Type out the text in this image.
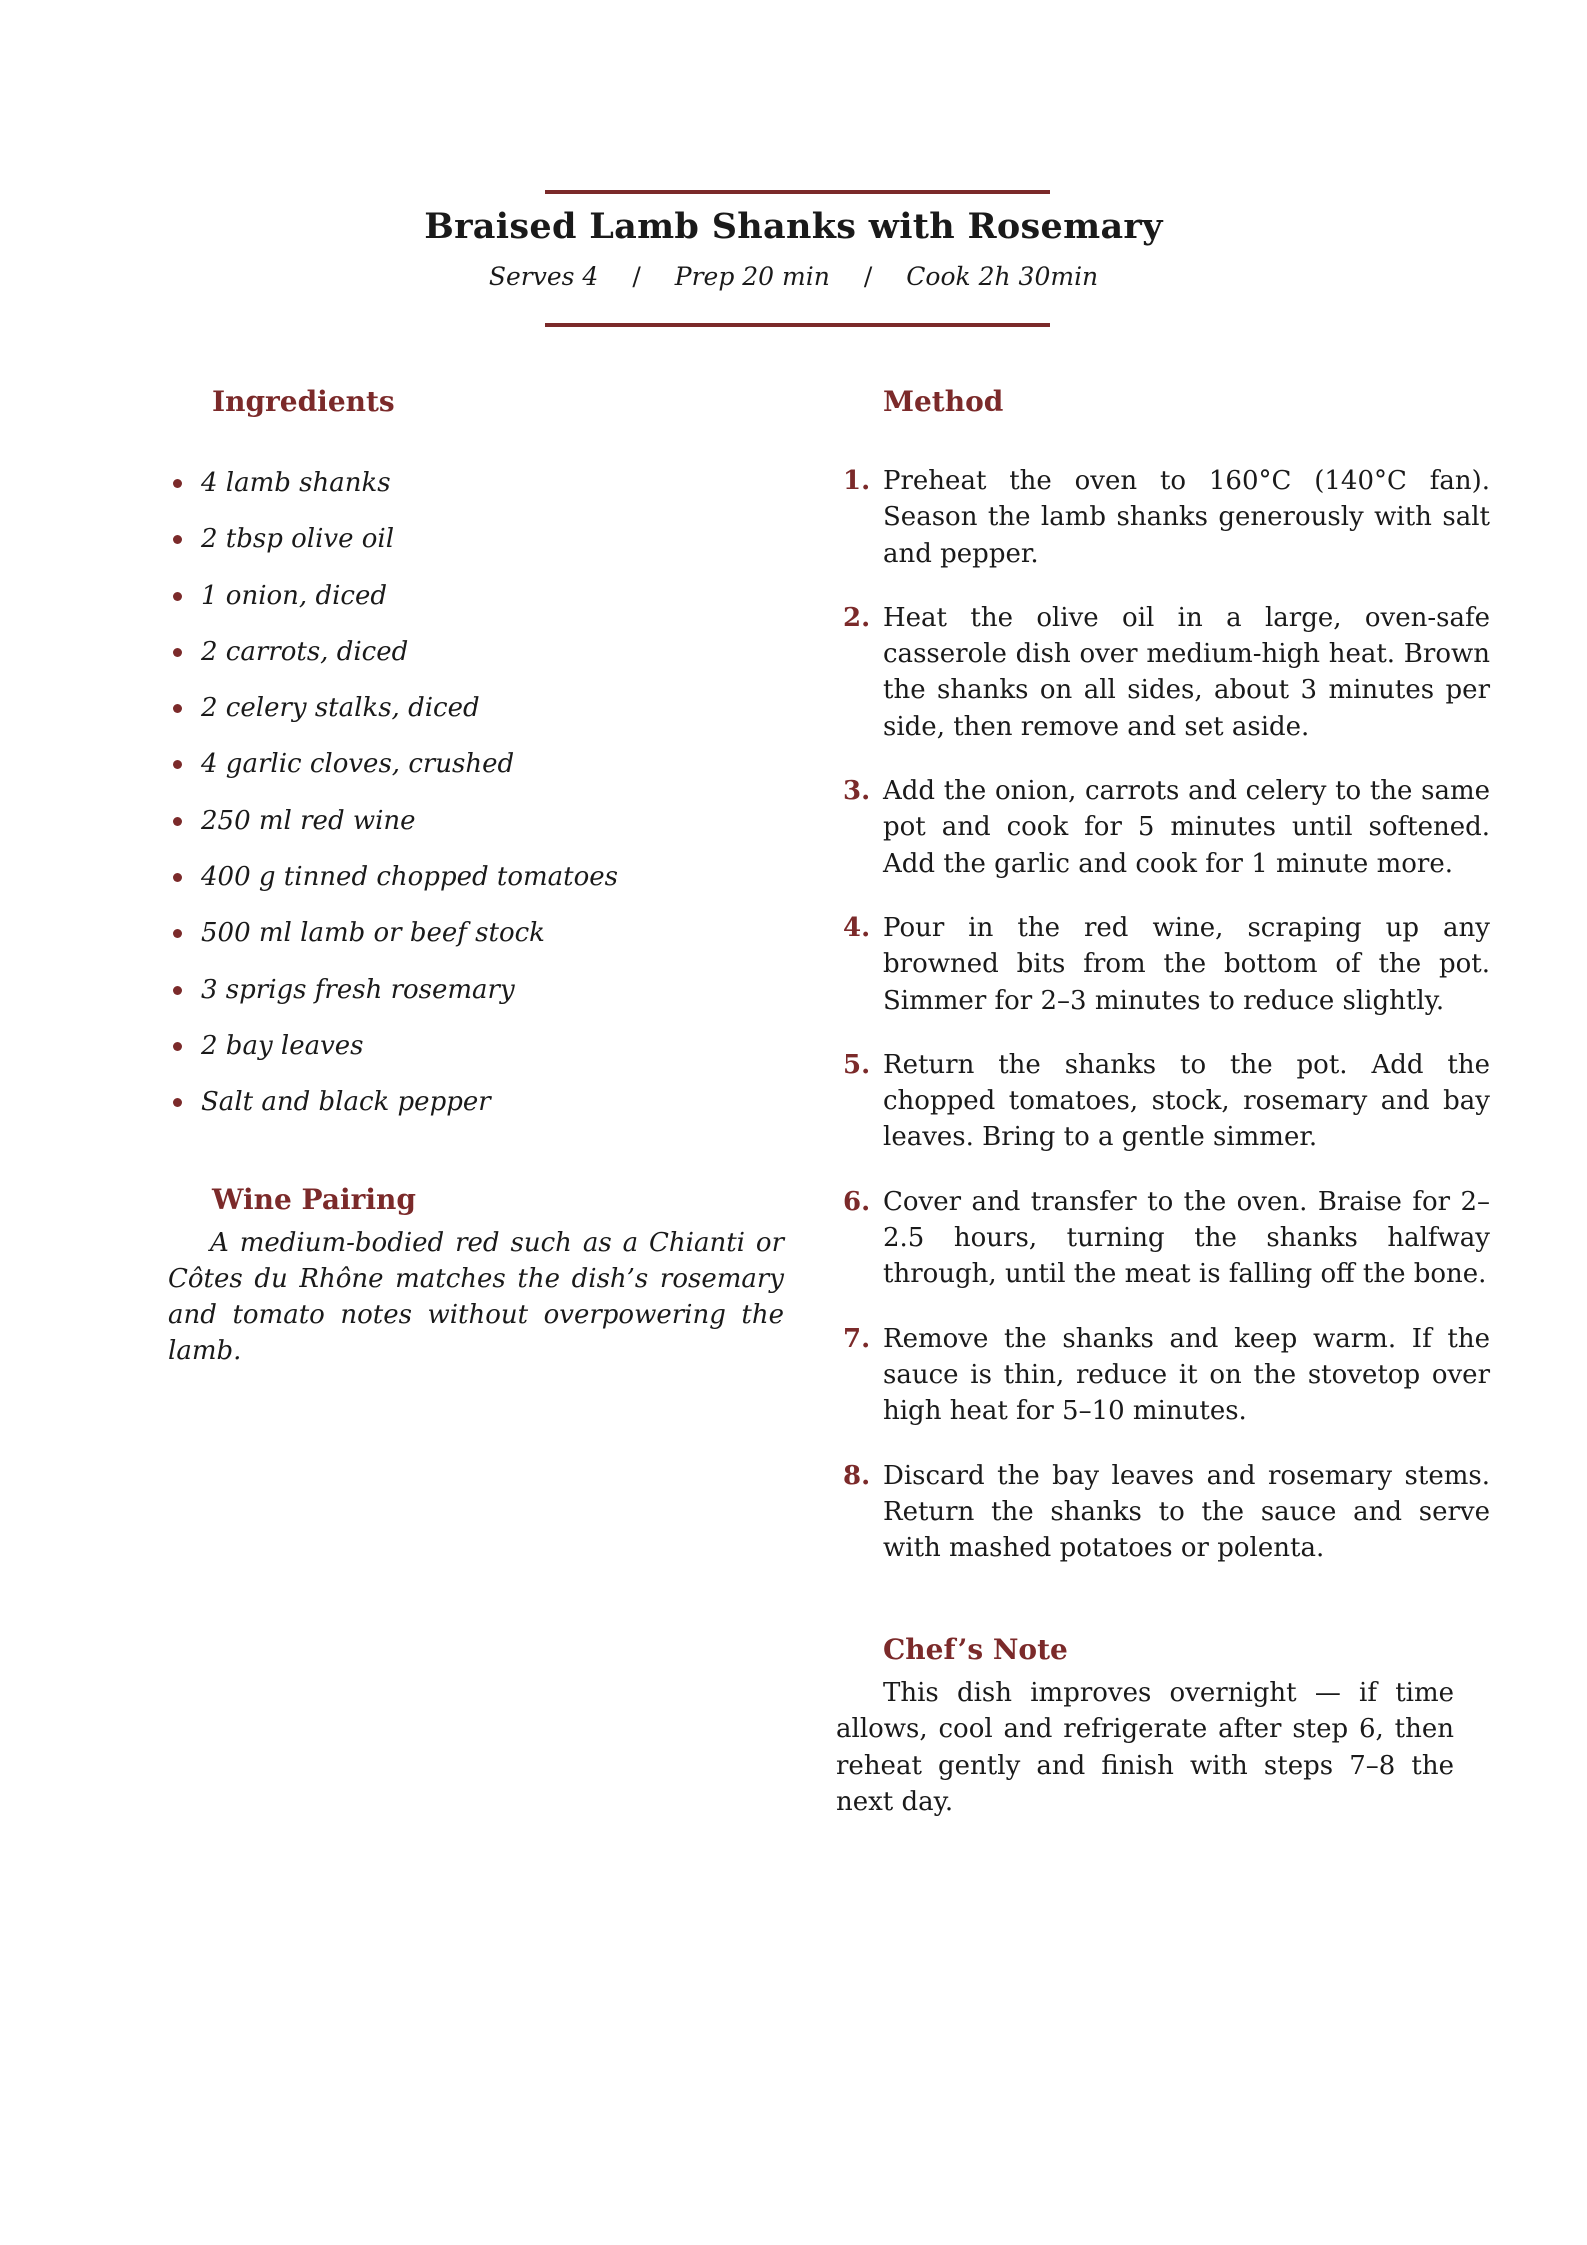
Braised Lamb Shanks with Rosemary
Serves 4 / Prep 20 min / Cook 2h 30min
Ingredients
4 lamb shanks
2 tbsp olive oil
1 onion, diced
2 carrots, diced
2 celery stalks, diced
4 garlic cloves, crushed
250 ml red wine
400 g tinned chopped tomatoes
500 ml lamb or beef stock
3 sprigs fresh rosemary
2 bay leaves
Salt and black pepper
Wine Pairing

A medium-bodied red such as a Chianti or Côtes du Rhône matches the dish’s rosemary and tomato notes without overpowering the lamb.

Method
1. Preheat the oven to 160°C (140°C fan). Season the lamb shanks generously with salt and pepper.
2. Heat the olive oil in a large, oven-safe casserole dish over medium-high heat. Brown the shanks on all sides, about 3 minutes per side, then remove and set aside.
3. Add the onion, carrots and celery to the same pot and cook for 5 minutes until softened. Add the garlic and cook for 1 minute more.
4. Pour in the red wine, scraping up any browned bits from the bottom of the pot. Simmer for 2–3 minutes to reduce slightly.
5. Return the shanks to the pot. Add the chopped tomatoes, stock, rosemary and bay leaves. Bring to a gentle simmer.
6. Cover and transfer to the oven. Braise for 2–2.5 hours, turning the shanks halfway through, until the meat is falling off the bone.
7. Remove the shanks and keep warm. If the sauce is thin, reduce it on the stovetop over high heat for 5–10 minutes.
8. Discard the bay leaves and rosemary stems. Return the shanks to the sauce and serve with mashed potatoes or polenta.
Chef’s Note

This dish improves overnight — if time allows, cool and refrigerate after step 6, then reheat gently and finish with steps 7–8 the next day.
